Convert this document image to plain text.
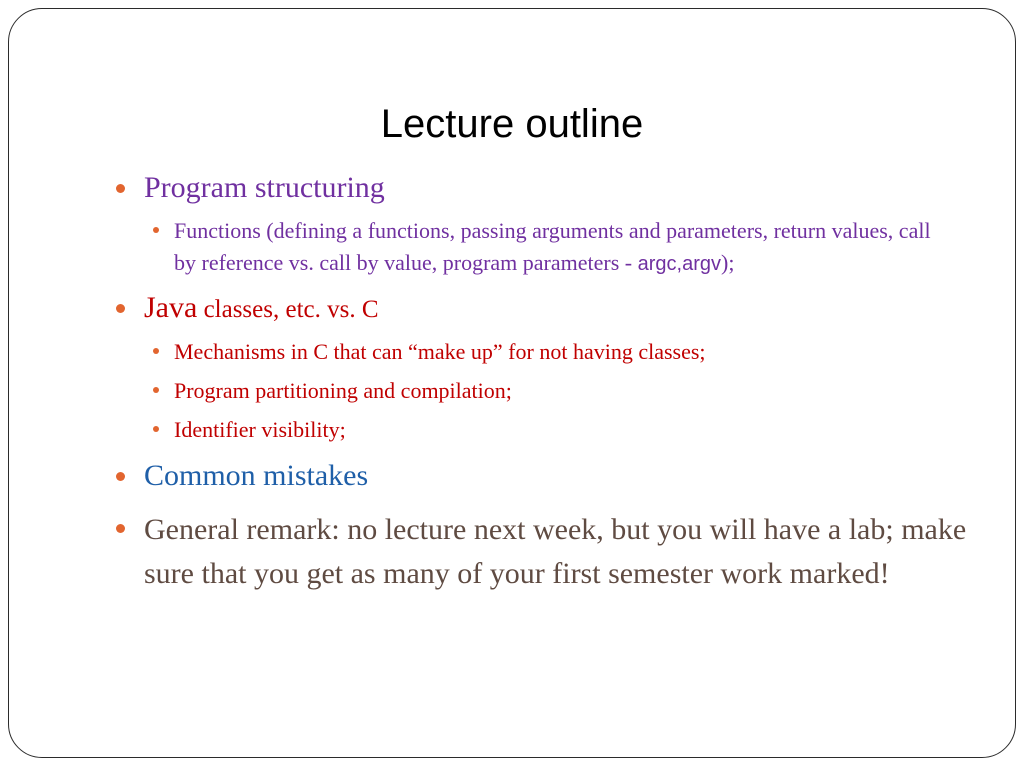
Lecture outline
Program structuring
Functions (defining a functions, passing arguments and parameters, return values, call by reference vs. call by value, program parameters - argc,argv);
Java classes, etc. vs. C
Mechanisms in C that can “make up” for not having classes;
Program partitioning and compilation;
Identifier visibility;
Common mistakes
General remark: no lecture next week, but you will have a lab; make sure that you get as many of your first semester work marked!
